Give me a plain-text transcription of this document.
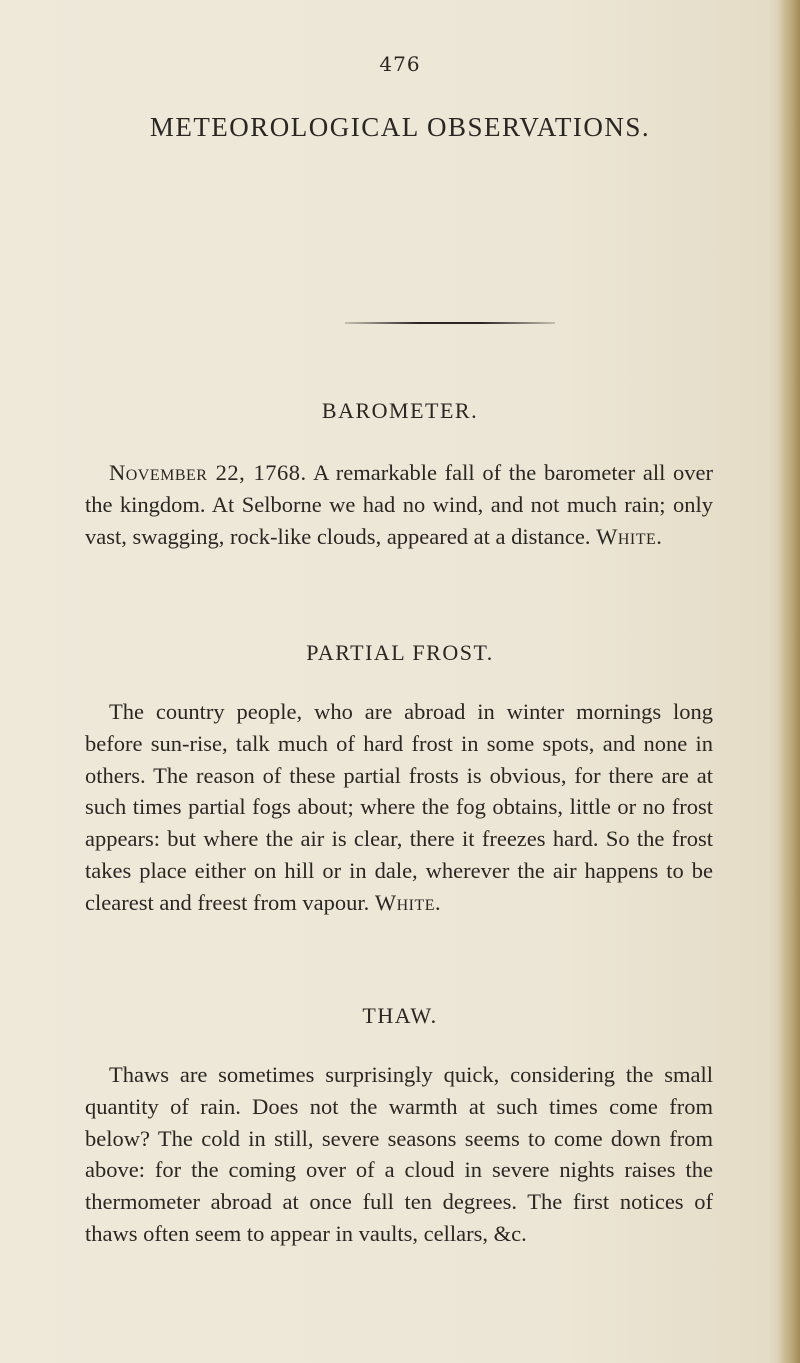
476
METEOROLOGICAL OBSERVATIONS.
BAROMETER.
November 22, 1768. A remarkable fall of the barometer all over the kingdom. At Selborne we had no wind, and not much rain; only vast, swagging, rock-like clouds, appeared at a distance. White.
PARTIAL FROST.
The country people, who are abroad in winter mornings long before sun-rise, talk much of hard frost in some spots, and none in others. The reason of these partial frosts is obvious, for there are at such times partial fogs about; where the fog obtains, little or no frost appears: but where the air is clear, there it freezes hard. So the frost takes place either on hill or in dale, wherever the air happens to be clearest and freest from vapour. White.
THAW.
Thaws are sometimes surprisingly quick, considering the small quantity of rain. Does not the warmth at such times come from below? The cold in still, severe seasons seems to come down from above: for the coming over of a cloud in severe nights raises the thermometer abroad at once full ten degrees. The first notices of thaws often seem to appear in vaults, cellars, &c.
